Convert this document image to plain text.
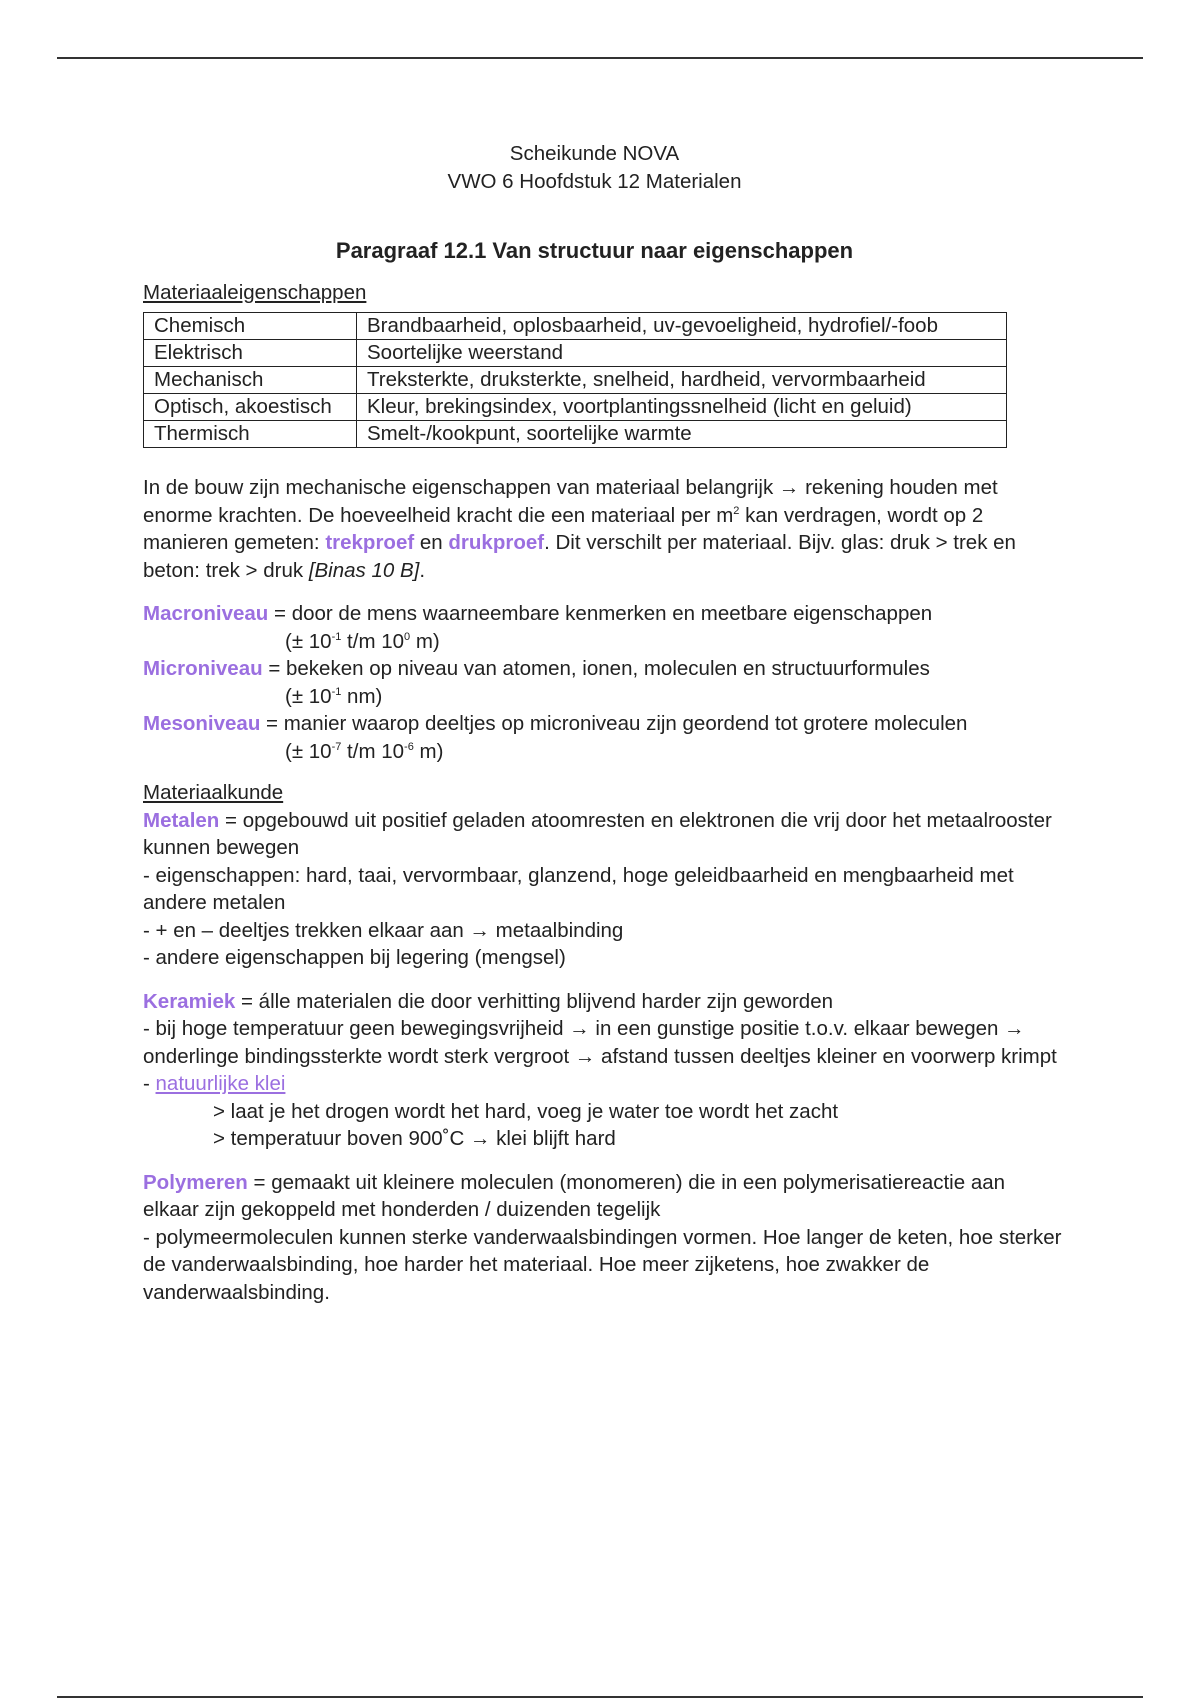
Scheikunde NOVA
VWO 6 Hoofdstuk 12 Materialen
Paragraaf 12.1 Van structuur naar eigenschappen

Materiaaleigenschappen

Chemisch	Brandbaarheid, oplosbaarheid, uv-gevoeligheid, hydrofiel/-foob
Elektrisch	Soortelijke weerstand
Mechanisch	Treksterkte, druksterkte, snelheid, hardheid, vervormbaarheid
Optisch, akoestisch	Kleur, brekingsindex, voortplantingssnelheid (licht en geluid)
Thermisch	Smelt-/kookpunt, soortelijke warmte

In de bouw zijn mechanische eigenschappen van materiaal belangrijk → rekening houden met enorme krachten. De hoeveelheid kracht die een materiaal per $m^2$ kan verdragen, wordt op 2 manieren gemeten: trekproef en drukproef. Dit verschilt per materiaal. Bijv. glas: druk > trek en beton: trek > druk [Binas 10 B].

Macroniveau = door de mens waarneembare kenmerken en meetbare eigenschappen

(± $10^{-1}$ t/m $10^0$ m)

Microniveau = bekeken op niveau van atomen, ionen, moleculen en structuurformules

(± $10^{-1}$ nm)

Mesoniveau = manier waarop deeltjes op microniveau zijn geordend tot grotere moleculen

(± $10^{-7}$ t/m $10^{-6}$ m)

Materiaalkunde

Metalen = opgebouwd uit positief geladen atoomresten en elektronen die vrij door het metaalrooster kunnen bewegen

- eigenschappen: hard, taai, vervormbaar, glanzend, hoge geleidbaarheid en mengbaarheid met andere metalen

- + en – deeltjes trekken elkaar aan → metaalbinding

- andere eigenschappen bij legering (mengsel)

Keramiek = álle materialen die door verhitting blijvend harder zijn geworden

- bij hoge temperatuur geen bewegingsvrijheid → in een gunstige positie t.o.v. elkaar bewegen → onderlinge bindingssterkte wordt sterk vergroot → afstand tussen deeltjes kleiner en voorwerp krimpt

- natuurlijke klei

> laat je het drogen wordt het hard, voeg je water toe wordt het zacht

> temperatuur boven 900˚C → klei blijft hard

Polymeren = gemaakt uit kleinere moleculen (monomeren) die in een polymerisatiereactie aan elkaar zijn gekoppeld met honderden / duizenden tegelijk

- polymeermoleculen kunnen sterke vanderwaalsbindingen vormen. Hoe langer de keten, hoe sterker de vanderwaalsbinding, hoe harder het materiaal. Hoe meer zijketens, hoe zwakker de vanderwaalsbinding.
